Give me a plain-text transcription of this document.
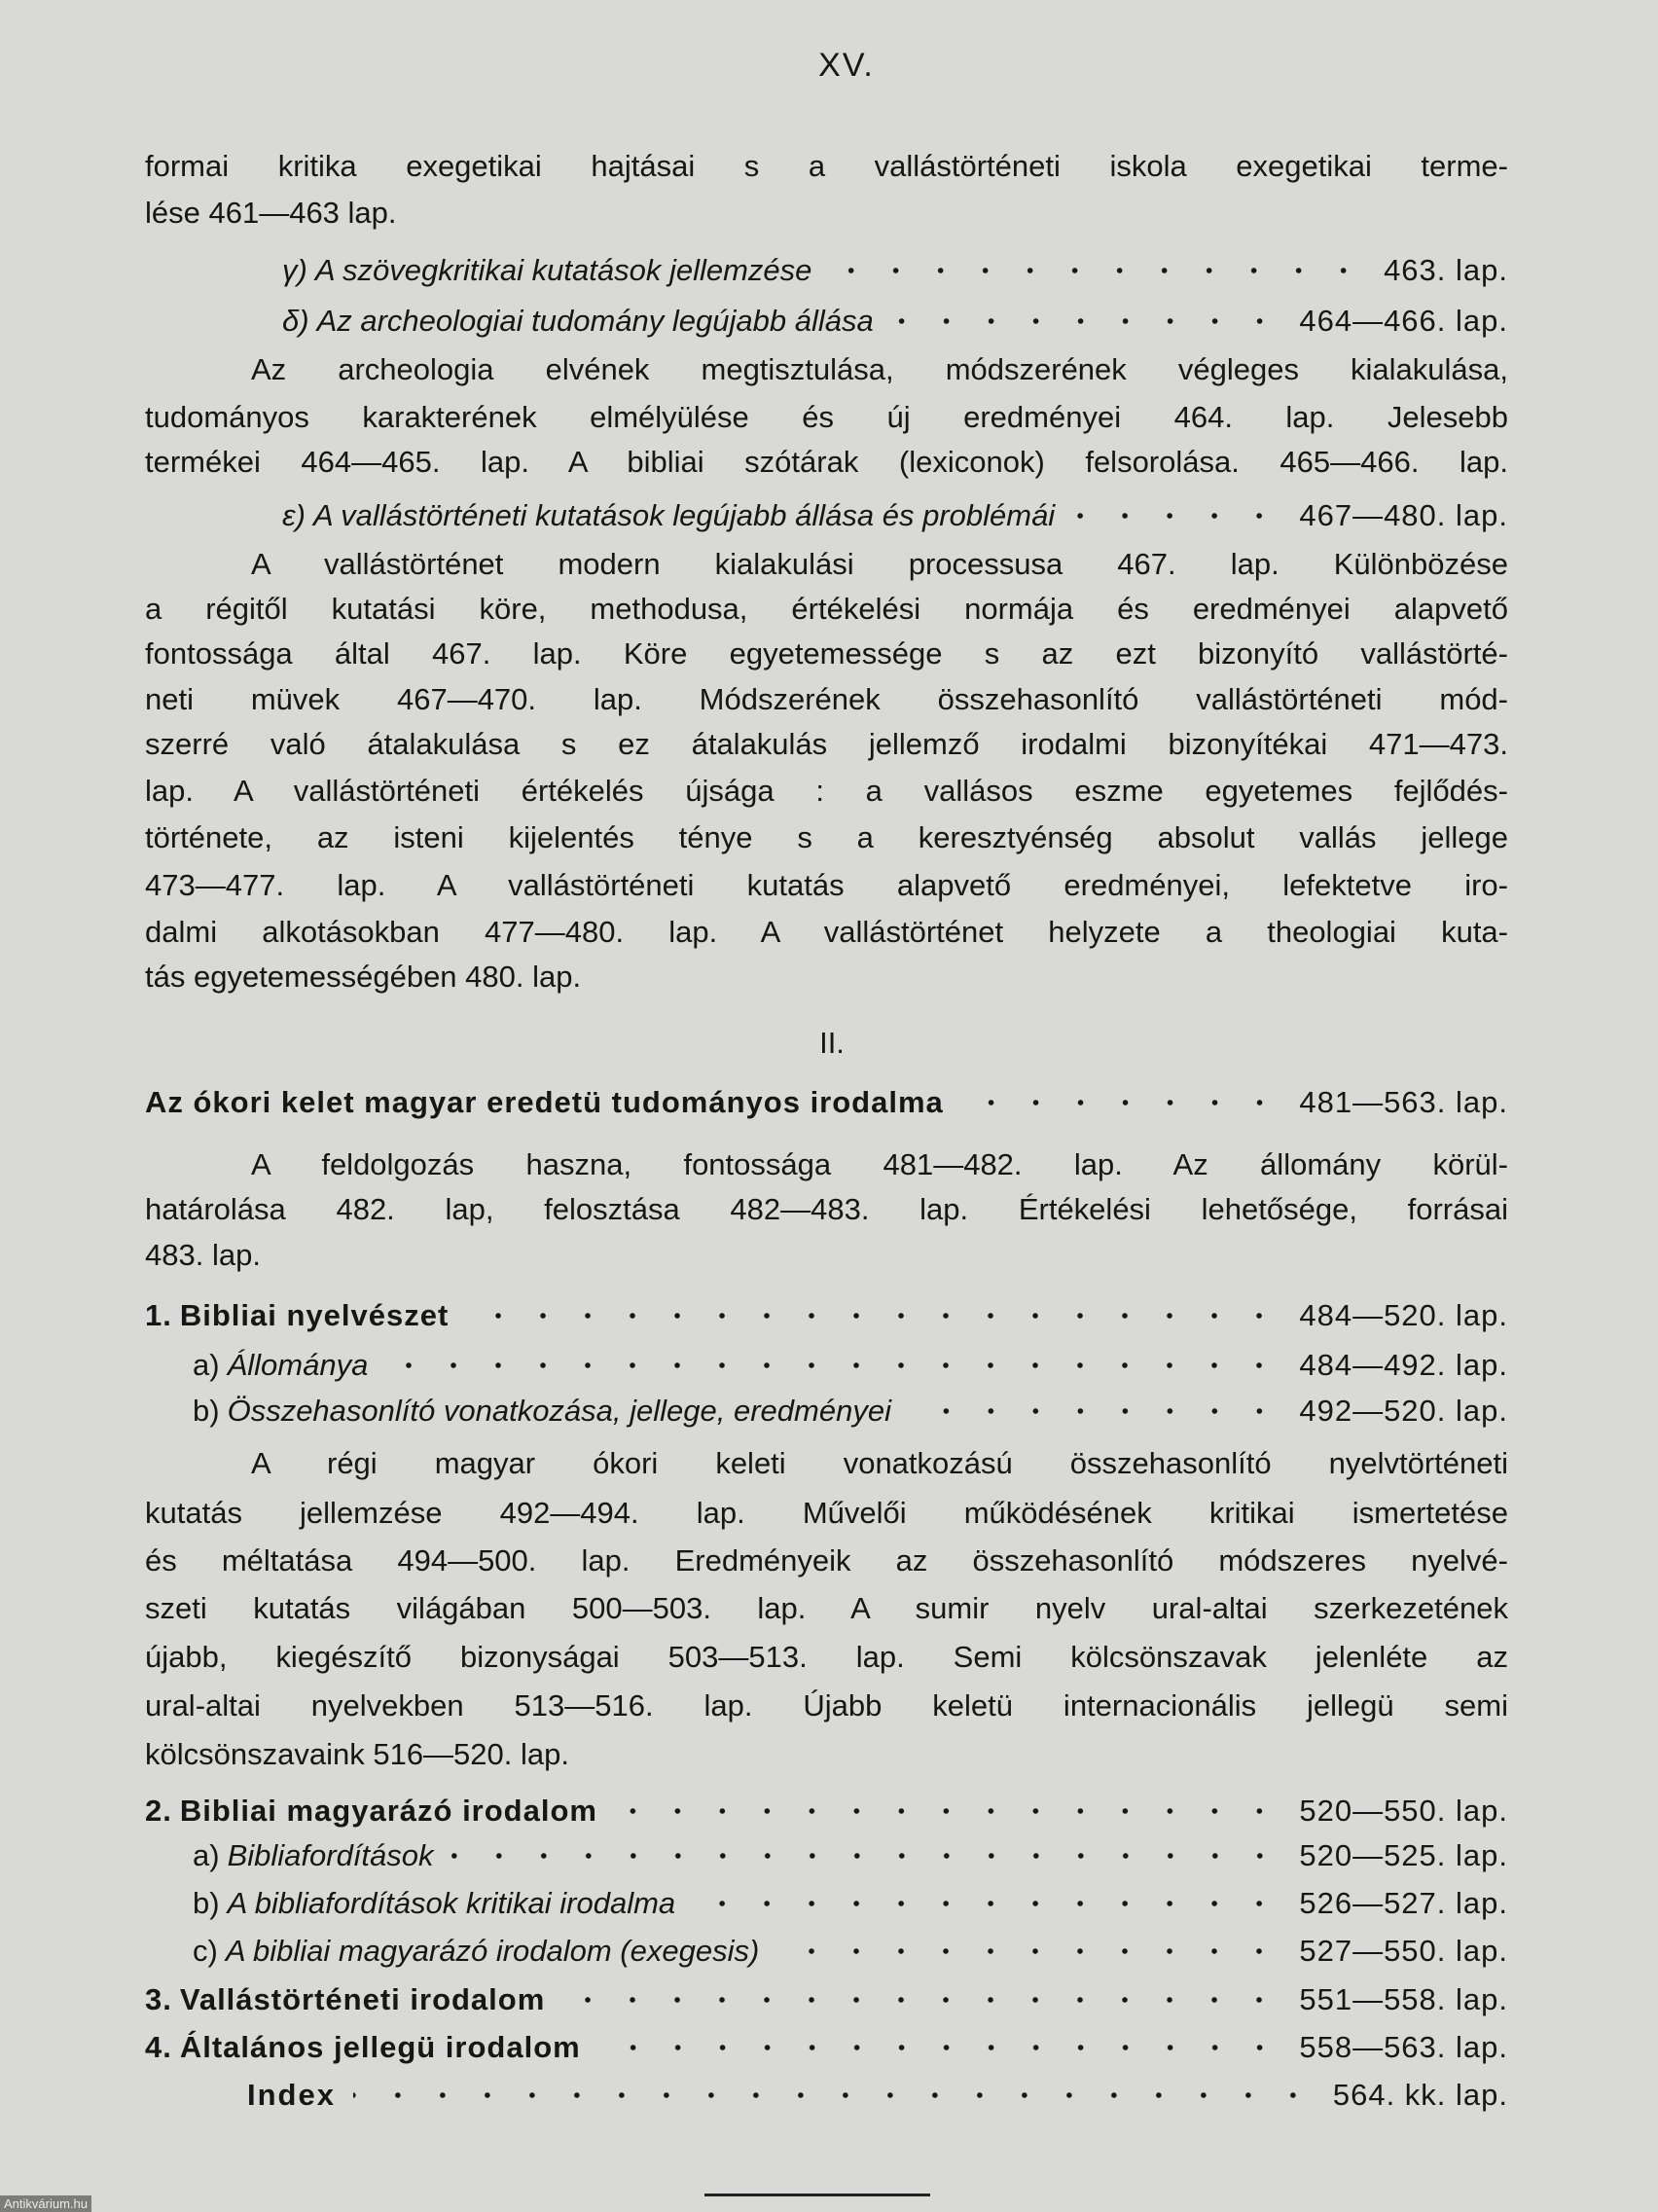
XV.
formai kritika exegetikai hajtásai s a vallástörténeti iskola exegetikai terme-
lése 461—463 lap.
γ) A szövegkritikai kutatások jellemzése	463. lap.
δ) Az archeologiai tudomány legújabb állása	464—466. lap.
Az archeologia elvének megtisztulása, módszerének végleges kialakulása,
tudományos karakterének elmélyülése és új eredményei 464. lap. Jelesebb
termékei 464—465. lap. A bibliai szótárak (lexiconok) felsorolása. 465—466. lap.
ε) A vallástörténeti kutatások legújabb állása és problémái	467—480. lap.
A vallástörténet modern kialakulási processusa 467. lap. Különbözése
a régitől kutatási köre, methodusa, értékelési normája és eredményei alapvető
fontossága által 467. lap. Köre egyetemessége s az ezt bizonyító vallástörté-
neti müvek 467—470. lap. Módszerének összehasonlító vallástörténeti mód-
szerré való átalakulása s ez átalakulás jellemző irodalmi bizonyítékai 471—473.
lap. A vallástörténeti értékelés újsága : a vallásos eszme egyetemes fejlődés-
története, az isteni kijelentés ténye s a keresztyénség absolut vallás jellege
473—477. lap. A vallástörténeti kutatás alapvető eredményei, lefektetve iro-
dalmi alkotásokban 477—480. lap. A vallástörténet helyzete a theologiai kuta-
tás egyetemességében 480. lap.
II.
Az ókori kelet magyar eredetü tudományos irodalma	481—563. lap.
A feldolgozás haszna, fontossága 481—482. lap. Az állomány körül-
határolása 482. lap, felosztása 482—483. lap. Értékelési lehetősége, forrásai
483. lap.
1. Bibliai nyelvészet	484—520. lap.
a) Állománya	484—492. lap.
b) Összehasonlító vonatkozása, jellege, eredményei	492—520. lap.
A régi magyar ókori keleti vonatkozású összehasonlító nyelvtörténeti
kutatás jellemzése 492—494. lap. Művelői működésének kritikai ismertetése
és méltatása 494—500. lap. Eredményeik az összehasonlító módszeres nyelvé-
szeti kutatás világában 500—503. lap. A sumir nyelv ural-altai szerkezetének
újabb, kiegészítő bizonyságai 503—513. lap. Semi kölcsönszavak jelenléte az
ural-altai nyelvekben 513—516. lap. Újabb keletü internacionális jellegü semi
kölcsönszavaink 516—520. lap.
2. Bibliai magyarázó irodalom	520—550. lap.
a) Bibliafordítások	520—525. lap.
b) A bibliafordítások kritikai irodalma	526—527. lap.
c) A bibliai magyarázó irodalom (exegesis)	527—550. lap.
3. Vallástörténeti irodalom	551—558. lap.
4. Általános jellegü irodalom	558—563. lap.
Index	564. kk. lap.
Antikvárium.hu
